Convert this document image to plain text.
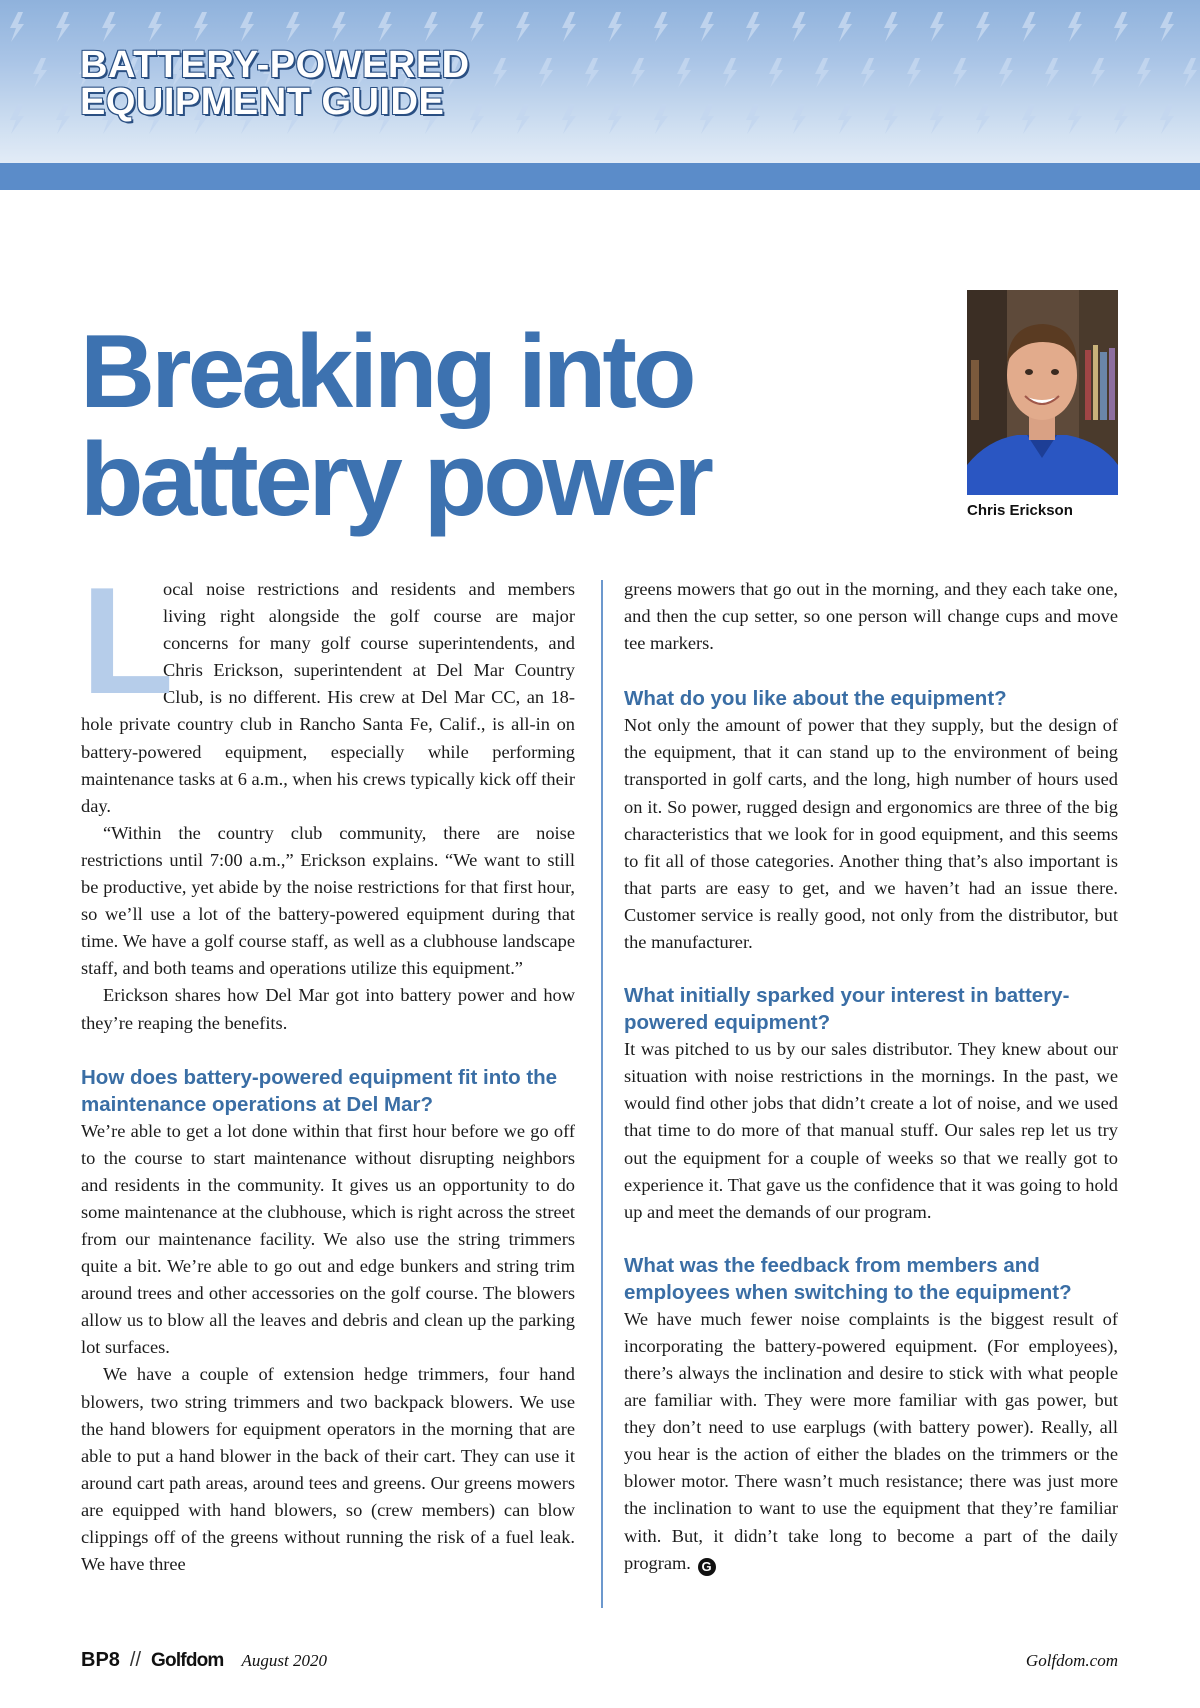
BATTERY-POWERED
EQUIPMENT GUIDE
Breaking into
battery power	Chris Erickson

L
ocal noise restrictions and residents and members living right alongside the golf course are major concerns for many golf course superintendents, and Chris Erickson, superintendent at Del Mar Country Club, is no different. His crew at Del Mar CC, an 18-hole private country club in Rancho Santa Fe, Calif., is all-in on battery-powered equipment, especially while performing maintenance tasks at 6 a.m., when his crews typically kick off their day.

“Within the country club community, there are noise restrictions until 7:00 a.m.,” Erickson explains. “We want to still be productive, yet abide by the noise restrictions for that first hour, so we’ll use a lot of the battery-powered equipment during that time. We have a golf course staff, as well as a clubhouse landscape staff, and both teams and operations utilize this equipment.”

Erickson shares how Del Mar got into battery power and how they’re reaping the benefits.

How does battery-powered equipment fit into the maintenance operations at Del Mar?

We’re able to get a lot done within that first hour before we go off to the course to start maintenance without disrupting neighbors and residents in the community. It gives us an opportunity to do some maintenance at the clubhouse, which is right across the street from our maintenance facility. We also use the string trimmers quite a bit. We’re able to go out and edge bunkers and string trim around trees and other accessories on the golf course. The blowers allow us to blow all the leaves and debris and clean up the parking lot surfaces.

We have a couple of extension hedge trimmers, four hand blowers, two string trimmers and two backpack blowers. We use the hand blowers for equipment operators in the morning that are able to put a hand blower in the back of their cart. They can use it around cart path areas, around tees and greens. Our greens mowers are equipped with hand blowers, so (crew members) can blow clippings off of the greens without running the risk of a fuel leak. We have three

greens mowers that go out in the morning, and they each take one, and then the cup setter, so one person will change cups and move tee markers.

What do you like about the equipment?

Not only the amount of power that they supply, but the design of the equipment, that it can stand up to the environment of being transported in golf carts, and the long, high number of hours used on it. So power, rugged design and ergonomics are three of the big characteristics that we look for in good equipment, and this seems to fit all of those categories. Another thing that’s also important is that parts are easy to get, and we haven’t had an issue there. Customer service is really good, not only from the distributor, but the manufacturer.

What initially sparked your interest in battery-powered equipment?

It was pitched to us by our sales distributor. They knew about our situation with noise restrictions in the mornings. In the past, we would find other jobs that didn’t create a lot of noise, and we used that time to do more of that manual stuff. Our sales rep let us try out the equipment for a couple of weeks so that we really got to experience it. That gave us the confidence that it was going to hold up and meet the demands of our program.

What was the feedback from members and employees when switching to the equipment?

We have much fewer noise complaints is the biggest result of incorporating the battery-powered equipment. (For employees), there’s always the inclination and desire to stick with what people are familiar with. They were more familiar with gas power, but they don’t need to use earplugs (with battery power). Really, all you hear is the action of either the blades on the trimmers or the blower motor. There wasn’t much resistance; there was just more the inclination to want to use the equipment that they’re familiar with. But, it didn’t take long to become a part of the daily program. G

BP8 // Golfdom August 2020	Golfdom.com
